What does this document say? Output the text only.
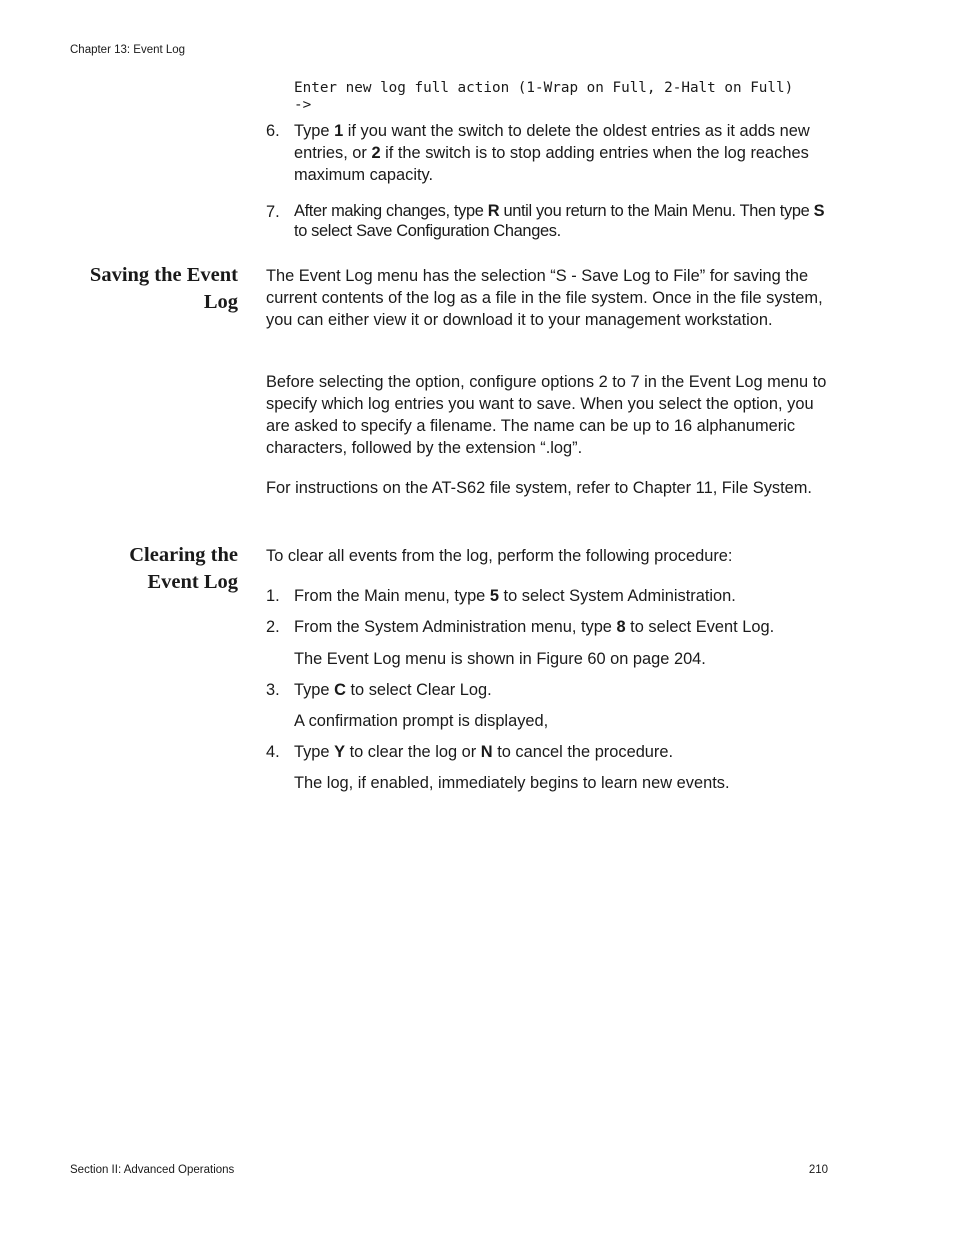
Chapter 13: Event Log
Enter new log full action (1-Wrap on Full, 2-Halt on Full)
->
6. Type 1 if you want the switch to delete the oldest entries as it adds new entries, or 2 if the switch is to stop adding entries when the log reaches maximum capacity.
7. After making changes, type R until you return to the Main Menu. Then type S to select Save Configuration Changes.
Saving the Event
Log
The Event Log menu has the selection “S - Save Log to File” for saving the current contents of the log as a file in the file system. Once in the file system, you can either view it or download it to your management workstation.
Before selecting the option, configure options 2 to 7 in the Event Log menu to specify which log entries you want to save. When you select the option, you are asked to specify a filename. The name can be up to 16 alphanumeric characters, followed by the extension “.log”.
For instructions on the AT-S62 file system, refer to Chapter 11, File System.
Clearing the
Event Log
To clear all events from the log, perform the following procedure:
1. From the Main menu, type 5 to select System Administration.
2. From the System Administration menu, type 8 to select Event Log.
The Event Log menu is shown in Figure 60 on page 204.
3. Type C to select Clear Log.
A confirmation prompt is displayed,
4. Type Y to clear the log or N to cancel the procedure.
The log, if enabled, immediately begins to learn new events.
Section II: Advanced Operations	210
